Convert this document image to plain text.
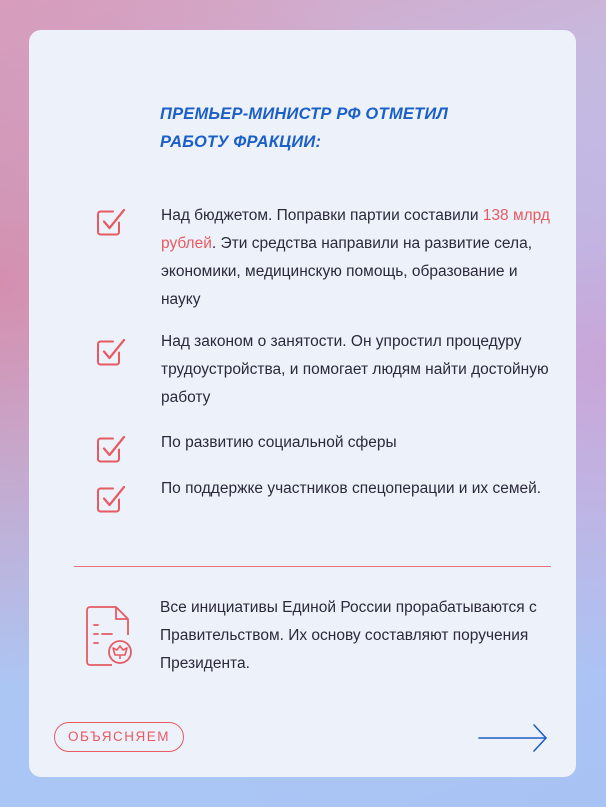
ПРЕМЬЕР-МИНИСТР РФ ОТМЕТИЛ РАБОТУ ФРАКЦИИ:
Над бюджетом. Поправки партии составили 138 млрд рублей. Эти средства направили на развитие села, экономики, медицинскую помощь, образование и науку
Над законом о занятости. Он упростил процедуру трудоустройства, и помогает людям найти достойную работу
По развитию социальной сферы
По поддержке участников спецоперации и их семей.
Все инициативы Единой России прорабатываются с Правительством. Их основу составляют поручения Президента.
ОБЪЯСНЯЕМ
